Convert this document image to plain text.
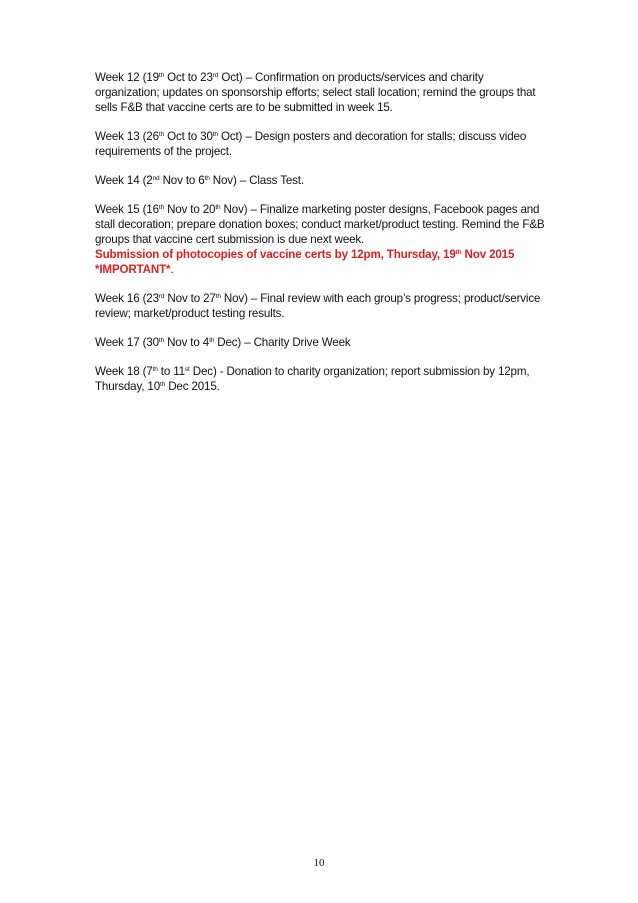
Week 12 (19th Oct to 23rd Oct) – Confirmation on products/services and charity organization; updates on sponsorship efforts; select stall location; remind the groups that sells F&B that vaccine certs are to be submitted in week 15.

Week 13 (26th Oct to 30th Oct) – Design posters and decoration for stalls; discuss video requirements of the project.

Week 14 (2nd Nov to 6th Nov) – Class Test.

Week 15 (16th Nov to 20th Nov) – Finalize marketing poster designs, Facebook pages and stall decoration; prepare donation boxes; conduct market/product testing. Remind the F&B groups that vaccine cert submission is due next week.
Submission of photocopies of vaccine certs by 12pm, Thursday, 19th Nov 2015 *IMPORTANT*.

Week 16 (23rd Nov to 27th Nov) – Final review with each group’s progress; product/service review; market/product testing results.

Week 17 (30th Nov to 4th Dec) – Charity Drive Week

Week 18 (7th to 11st Dec) - Donation to charity organization; report submission by 12pm, Thursday, 10th Dec 2015.

10
